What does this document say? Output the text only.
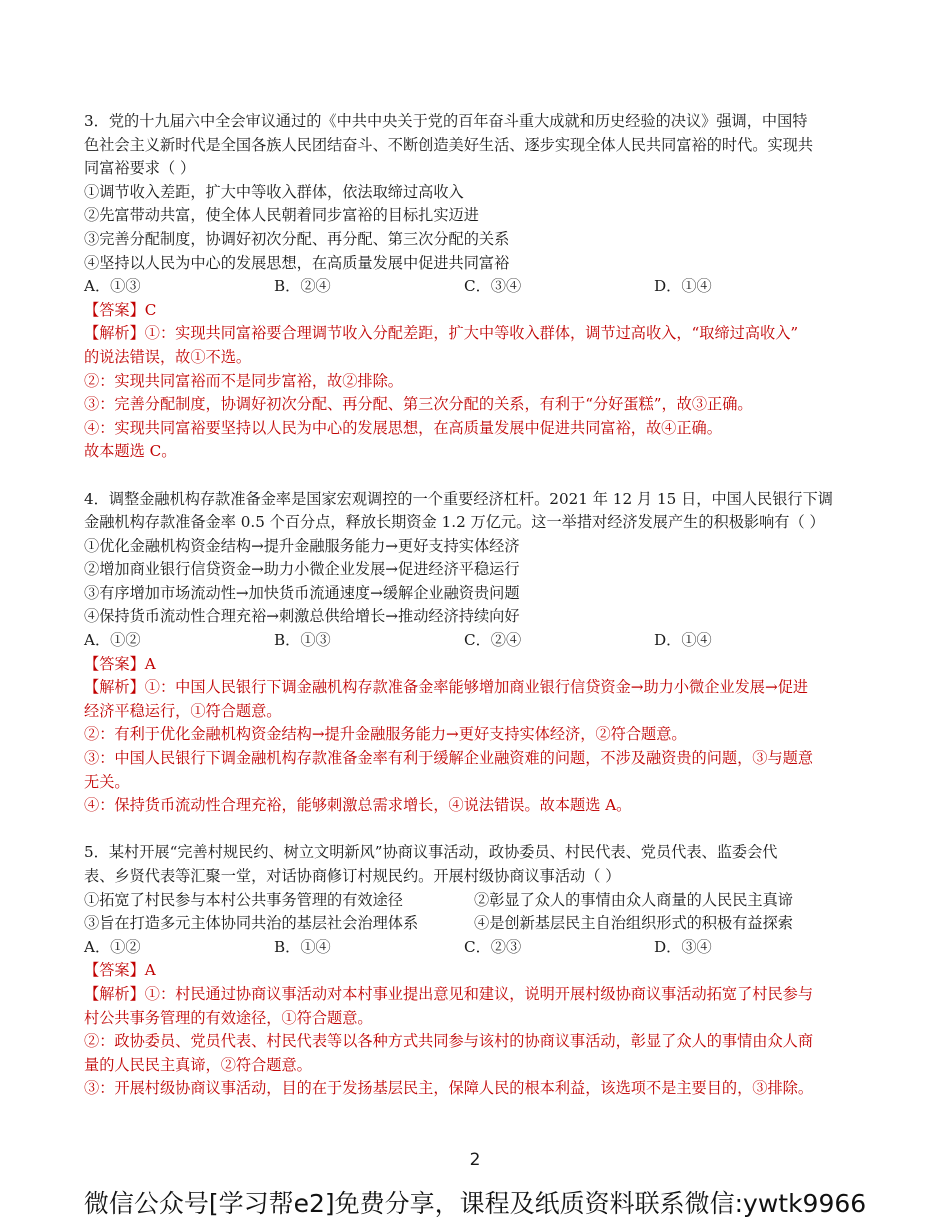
3．党的十九届六中全会审议通过的《中共中央关于党的百年奋斗重大成就和历史经验的决议》强调，中国特
色社会主义新时代是全国各族人民团结奋斗、不断创造美好生活、逐步实现全体人民共同富裕的时代。实现共
同富裕要求（ ）
①调节收入差距，扩大中等收入群体，依法取缔过高收入
②先富带动共富，使全体人民朝着同步富裕的目标扎实迈进
③完善分配制度，协调好初次分配、再分配、第三次分配的关系
④坚持以人民为中心的发展思想，在高质量发展中促进共同富裕
A．①③	B．②④	C．③④	D．①④
【答案】C
【解析】①：实现共同富裕要合理调节收入分配差距，扩大中等收入群体，调节过高收入，“取缔过高收入”
的说法错误，故①不选。
②：实现共同富裕而不是同步富裕，故②排除。
③：完善分配制度，协调好初次分配、再分配、第三次分配的关系，有利于“分好蛋糕”，故③正确。
④：实现共同富裕要坚持以人民为中心的发展思想，在高质量发展中促进共同富裕，故④正确。
故本题选 C。
4．调整金融机构存款准备金率是国家宏观调控的一个重要经济杠杆。2021 年 12 月 15 日，中国人民银行下调
金融机构存款准备金率 0.5 个百分点，释放长期资金 1.2 万亿元。这一举措对经济发展产生的积极影响有（ ）
①优化金融机构资金结构→提升金融服务能力→更好支持实体经济
②增加商业银行信贷资金→助力小微企业发展→促进经济平稳运行
③有序增加市场流动性→加快货币流通速度→缓解企业融资贵问题
④保持货币流动性合理充裕→刺激总供给增长→推动经济持续向好
A．①②	B．①③	C．②④	D．①④
【答案】A
【解析】①：中国人民银行下调金融机构存款准备金率能够增加商业银行信贷资金→助力小微企业发展→促进
经济平稳运行，①符合题意。
②：有利于优化金融机构资金结构→提升金融服务能力→更好支持实体经济，②符合题意。
③：中国人民银行下调金融机构存款准备金率有利于缓解企业融资难的问题，不涉及融资贵的问题，③与题意
无关。
④：保持货币流动性合理充裕，能够刺激总需求增长，④说法错误。故本题选 A。
5．某村开展“完善村规民约、树立文明新风”协商议事活动，政协委员、村民代表、党员代表、监委会代
表、乡贤代表等汇聚一堂，对话协商修订村规民约。开展村级协商议事活动（ ）
①拓宽了村民参与本村公共事务管理的有效途径	②彰显了众人的事情由众人商量的人民民主真谛
③旨在打造多元主体协同共治的基层社会治理体系	④是创新基层民主自治组织形式的积极有益探索
A．①②	B．①④	C．②③	D．③④
【答案】A
【解析】①：村民通过协商议事活动对本村事业提出意见和建议，说明开展村级协商议事活动拓宽了村民参与
村公共事务管理的有效途径，①符合题意。
②：政协委员、党员代表、村民代表等以各种方式共同参与该村的协商议事活动，彰显了众人的事情由众人商
量的人民民主真谛，②符合题意。
③：开展村级协商议事活动，目的在于发扬基层民主，保障人民的根本利益，该选项不是主要目的，③排除。
2
微信公众号[学习帮e2]免费分享，课程及纸质资料联系微信:ywtk9966
